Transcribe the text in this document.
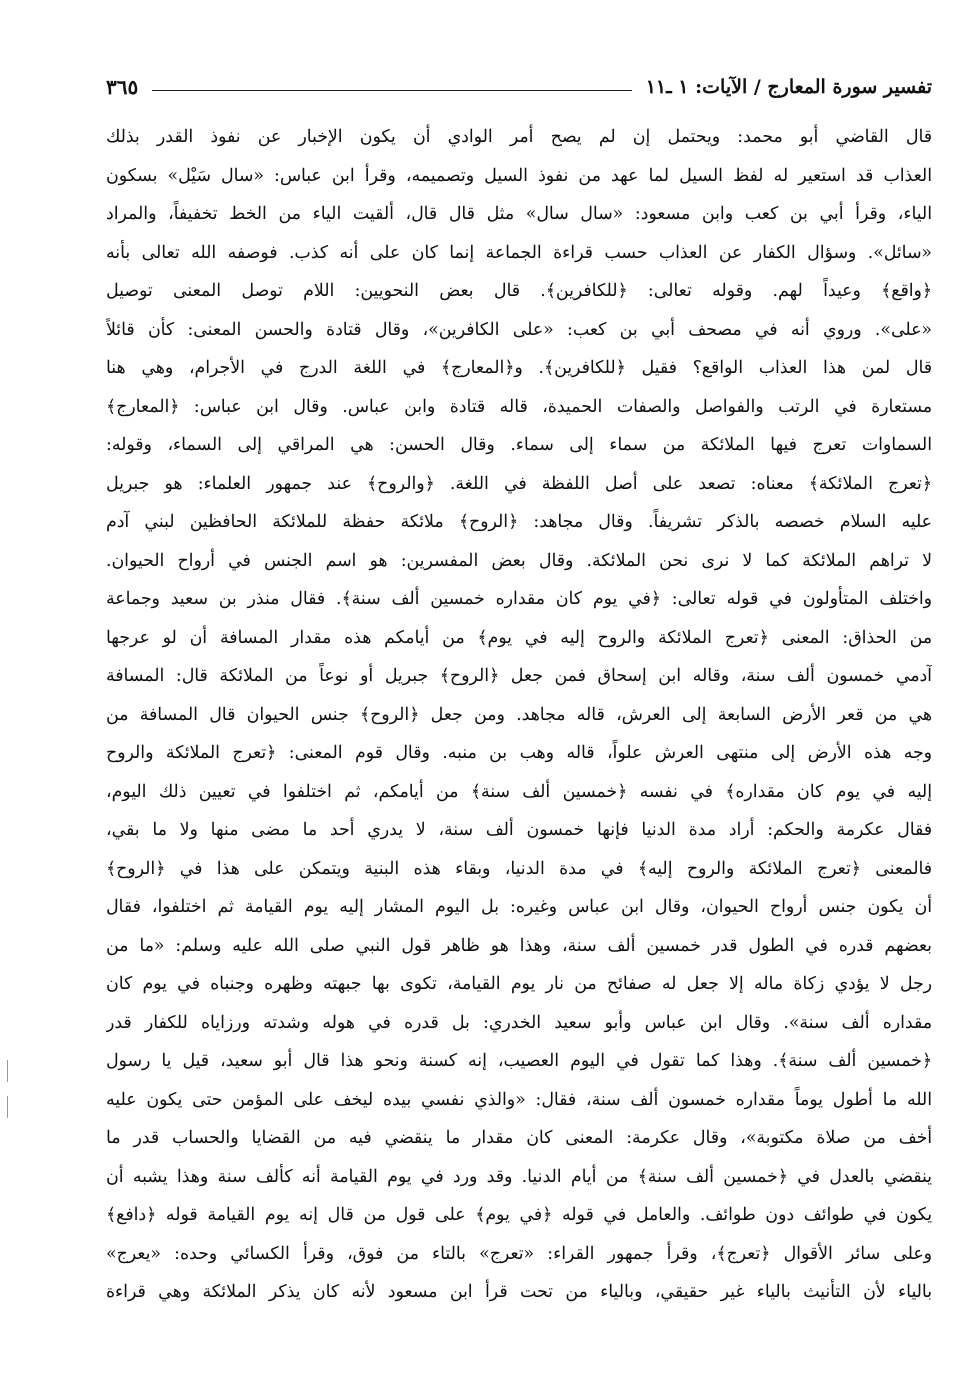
تفسير سورة المعارج / الآيات: ١ ـ١١
٣٦٥
قال القاضي أبو محمد: ويحتمل إن لم يصح أمر الوادي أن يكون الإخبار عن نفوذ القدر بذلك
العذاب قد استعير له لفظ السيل لما عهد من نفوذ السيل وتصميمه، وقرأ ابن عباس: «سال سَيْل» بسكون
الياء، وقرأ أبي بن كعب وابن مسعود: «سال سال» مثل قال قال، ألقيت الياء من الخط تخفيفاً، والمراد
«سائل». وسؤال الكفار عن العذاب حسب قراءة الجماعة إنما كان على أنه كذب. فوصفه الله تعالى بأنه
﴿واقع﴾ وعيداً لهم. وقوله تعالى: ﴿للكافرين﴾. قال بعض النحويين: اللام توصل المعنى توصيل
«على». وروي أنه في مصحف أبي بن كعب: «على الكافرين»، وقال قتادة والحسن المعنى: كأن قائلاً
قال لمن هذا العذاب الواقع؟ فقيل ﴿للكافرين﴾. و﴿المعارج﴾ في اللغة الدرج في الأجرام، وهي هنا
مستعارة في الرتب والفواصل والصفات الحميدة، قاله قتادة وابن عباس. وقال ابن عباس: ﴿المعارج﴾
السماوات تعرج فيها الملائكة من سماء إلى سماء. وقال الحسن: هي المراقي إلى السماء، وقوله:
﴿تعرج الملائكة﴾ معناه: تصعد على أصل اللفظة في اللغة. ﴿والروح﴾ عند جمهور العلماء: هو جبريل
عليه السلام خصصه بالذكر تشريفاً. وقال مجاهد: ﴿الروح﴾ ملائكة حفظة للملائكة الحافظين لبني آدم
لا تراهم الملائكة كما لا نرى نحن الملائكة. وقال بعض المفسرين: هو اسم الجنس في أرواح الحيوان.
واختلف المتأولون في قوله تعالى: ﴿في يوم كان مقداره خمسين ألف سنة﴾. فقال منذر بن سعيد وجماعة
من الحذاق: المعنى ﴿تعرج الملائكة والروح إليه في يوم﴾ من أيامكم هذه مقدار المسافة أن لو عرجها
آدمي خمسون ألف سنة، وقاله ابن إسحاق فمن جعل ﴿الروح﴾ جبريل أو نوعاً من الملائكة قال: المسافة
هي من قعر الأرض السابعة إلى العرش، قاله مجاهد. ومن جعل ﴿الروح﴾ جنس الحيوان قال المسافة من
وجه هذه الأرض إلى منتهى العرش علواً، قاله وهب بن منبه. وقال قوم المعنى: ﴿تعرج الملائكة والروح
إليه في يوم كان مقداره﴾ في نفسه ﴿خمسين ألف سنة﴾ من أيامكم، ثم اختلفوا في تعيين ذلك اليوم،
فقال عكرمة والحكم: أراد مدة الدنيا فإنها خمسون ألف سنة، لا يدري أحد ما مضى منها ولا ما بقي،
فالمعنى ﴿تعرج الملائكة والروح إليه﴾ في مدة الدنيا، وبقاء هذه البنية ويتمكن على هذا في ﴿الروح﴾
أن يكون جنس أرواح الحيوان، وقال ابن عباس وغيره: بل اليوم المشار إليه يوم القيامة ثم اختلفوا، فقال
بعضهم قدره في الطول قدر خمسين ألف سنة، وهذا هو ظاهر قول النبي صلى الله عليه وسلم: «ما من
رجل لا يؤدي زكاة ماله إلا جعل له صفائح من نار يوم القيامة، تكوى بها جبهته وظهره وجنباه في يوم كان
مقداره ألف سنة». وقال ابن عباس وأبو سعيد الخدري: بل قدره في هوله وشدته ورزاياه للكفار قدر
﴿خمسين ألف سنة﴾. وهذا كما تقول في اليوم العصيب، إنه كسنة ونحو هذا قال أبو سعيد، قيل يا رسول
الله ما أطول يوماً مقداره خمسون ألف سنة، فقال: «والذي نفسي بيده ليخف على المؤمن حتى يكون عليه
أخف من صلاة مكتوبة»، وقال عكرمة: المعنى كان مقدار ما ينقضي فيه من القضايا والحساب قدر ما
ينقضي بالعدل في ﴿خمسين ألف سنة﴾ من أيام الدنيا. وقد ورد في يوم القيامة أنه كألف سنة وهذا يشبه أن
يكون في طوائف دون طوائف. والعامل في قوله ﴿في يوم﴾ على قول من قال إنه يوم القيامة قوله ﴿دافع﴾
وعلى سائر الأقوال ﴿تعرج﴾، وقرأ جمهور القراء: «تعرج» بالتاء من فوق، وقرأ الكسائي وحده: «يعرج»
بالياء لأن التأنيث بالياء غير حقيقي، وبالياء من تحت قرأ ابن مسعود لأنه كان يذكر الملائكة وهي قراءة
